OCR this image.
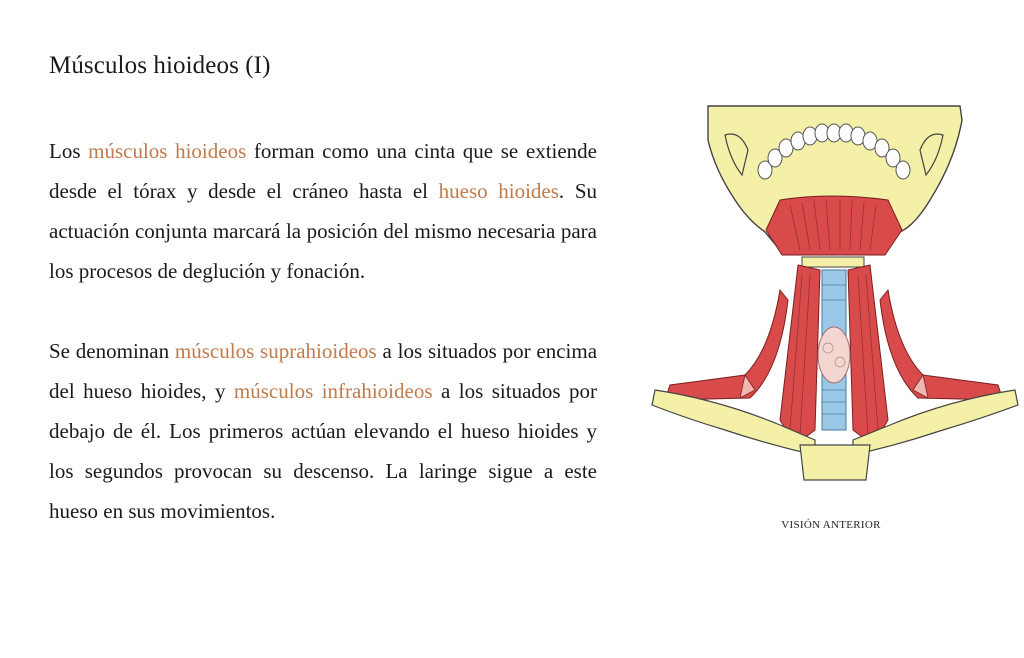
Músculos hioideos (I)

Los músculos hioideos forman como una cinta que se extiende desde el tórax y desde el cráneo hasta el hueso hioides. Su actuación conjunta marcará la posición del mismo necesaria para los procesos de deglución y fonación.

Se denominan músculos suprahioideos a los situados por encima del hueso hioides, y músculos infrahioideos a los situados por debajo de él. Los primeros actúan elevando el hueso hioides y los segundos provocan su descenso. La laringe sigue a este hueso en sus movimientos.

VISIÓN ANTERIOR
